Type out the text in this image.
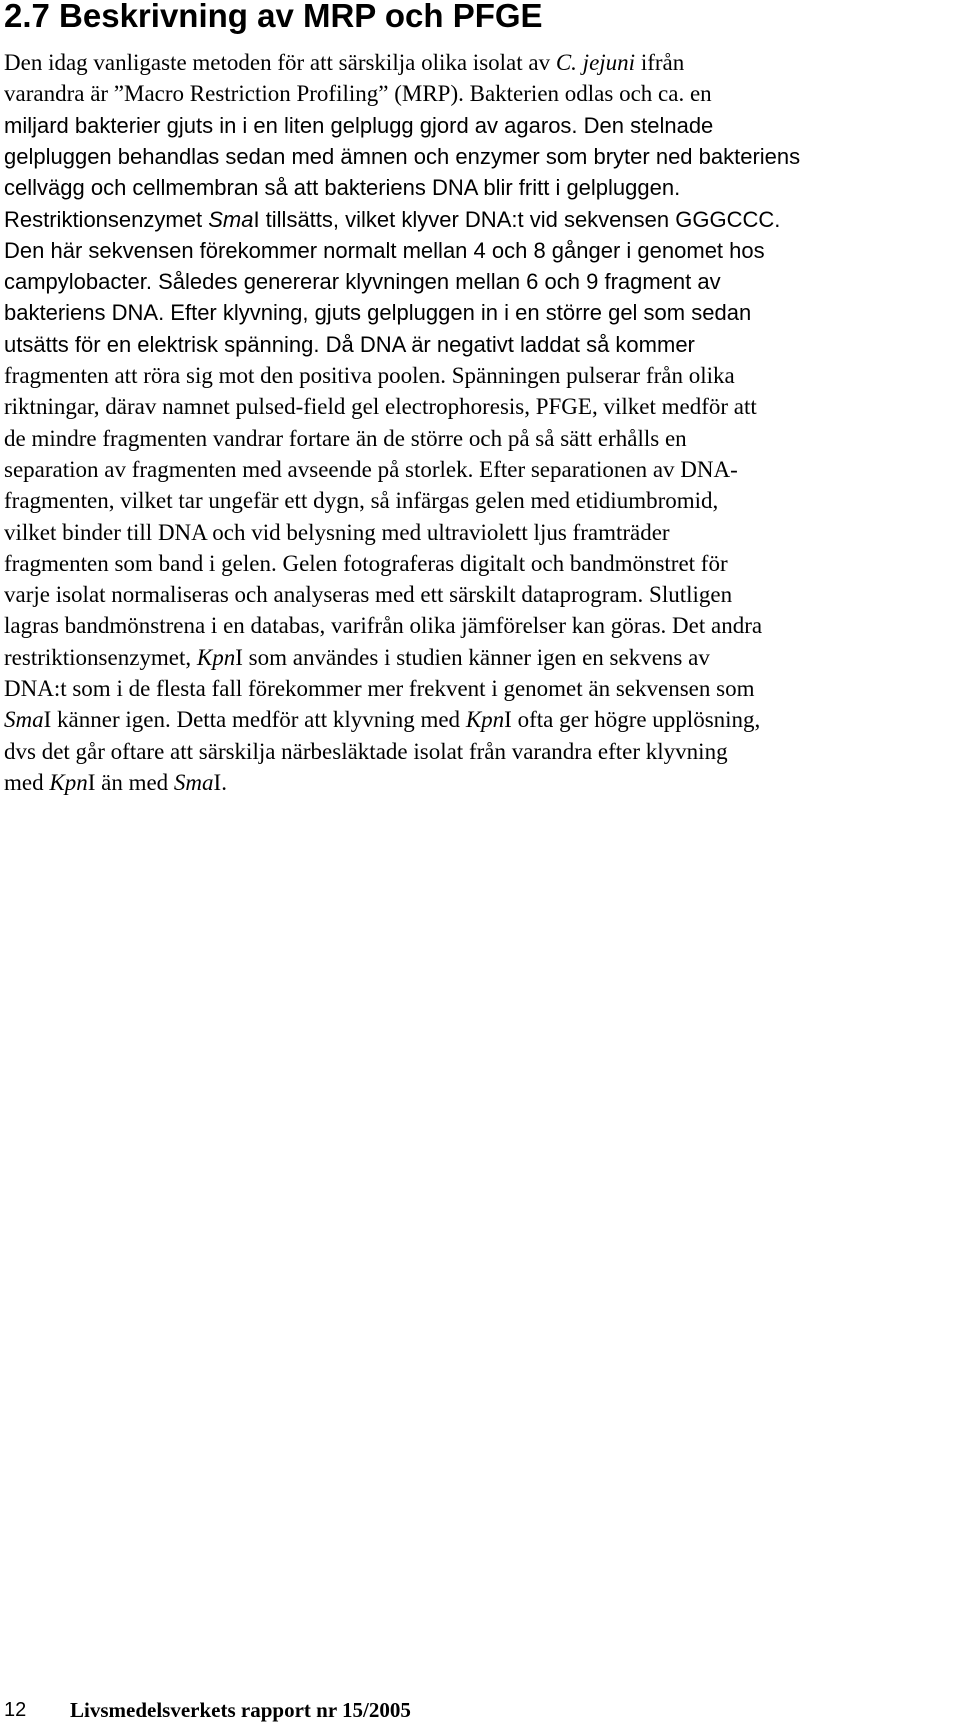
2.7 Beskrivning av MRP och PFGE

Den idag vanligaste metoden för att särskilja olika isolat av C. jejuni ifrån

varandra är ”Macro Restriction Profiling” (MRP). Bakterien odlas och ca. en

miljard bakterier gjuts in i en liten gelplugg gjord av agaros. Den stelnade

gelpluggen behandlas sedan med ämnen och enzymer som bryter ned bakteriens

cellvägg och cellmembran så att bakteriens DNA blir fritt i gelpluggen.

Restriktionsenzymet SmaI tillsätts, vilket klyver DNA:t vid sekvensen GGGCCC.

Den här sekvensen förekommer normalt mellan 4 och 8 gånger i genomet hos

campylobacter. Således genererar klyvningen mellan 6 och 9 fragment av

bakteriens DNA. Efter klyvning, gjuts gelpluggen in i en större gel som sedan

utsätts för en elektrisk spänning. Då DNA är negativt laddat så kommer

fragmenten att röra sig mot den positiva poolen. Spänningen pulserar från olika

riktningar, därav namnet pulsed-field gel electrophoresis, PFGE, vilket medför att

de mindre fragmenten vandrar fortare än de större och på så sätt erhålls en

separation av fragmenten med avseende på storlek. Efter separationen av DNA-

fragmenten, vilket tar ungefär ett dygn, så infärgas gelen med etidiumbromid,

vilket binder till DNA och vid belysning med ultraviolett ljus framträder

fragmenten som band i gelen. Gelen fotograferas digitalt och bandmönstret för

varje isolat normaliseras och analyseras med ett särskilt dataprogram. Slutligen

lagras bandmönstrena i en databas, varifrån olika jämförelser kan göras. Det andra

restriktionsenzymet, KpnI som användes i studien känner igen en sekvens av

DNA:t som i de flesta fall förekommer mer frekvent i genomet än sekvensen som

SmaI känner igen. Detta medför att klyvning med KpnI ofta ger högre upplösning,

dvs det går oftare att särskilja närbesläktade isolat från varandra efter klyvning

med KpnI än med SmaI.

12 Livsmedelsverkets rapport nr 15/2005
